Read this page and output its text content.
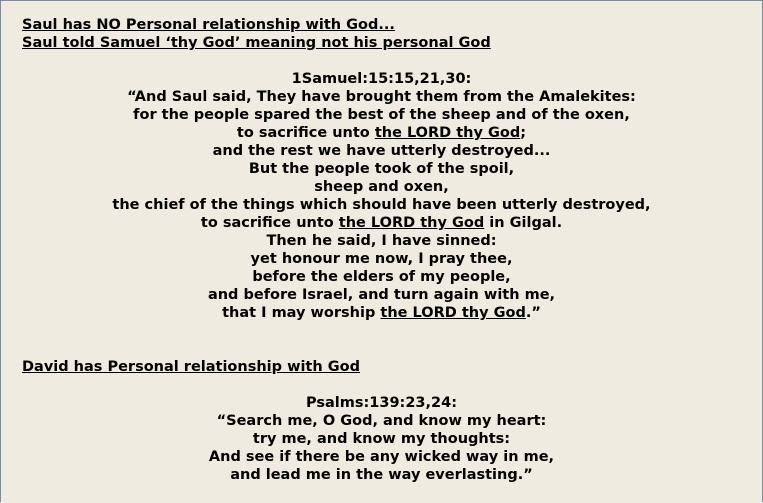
Saul has NO Personal relationship with God...
Saul told Samuel ‘thy God’ meaning not his personal God
1Samuel:15:15,21,30:
“And Saul said, They have brought them from the Amalekites:
for the people spared the best of the sheep and of the oxen,
to sacrifice unto the LORD thy God;
and the rest we have utterly destroyed...
But the people took of the spoil,
sheep and oxen,
the chief of the things which should have been utterly destroyed,
to sacrifice unto the LORD thy God in Gilgal.
Then he said, I have sinned:
yet honour me now, I pray thee,
before the elders of my people,
and before Israel, and turn again with me,
that I may worship the LORD thy God.”
David has Personal relationship with God
Psalms:139:23,24:
“Search me, O God, and know my heart:
try me, and know my thoughts:
And see if there be any wicked way in me,
and lead me in the way everlasting.”
